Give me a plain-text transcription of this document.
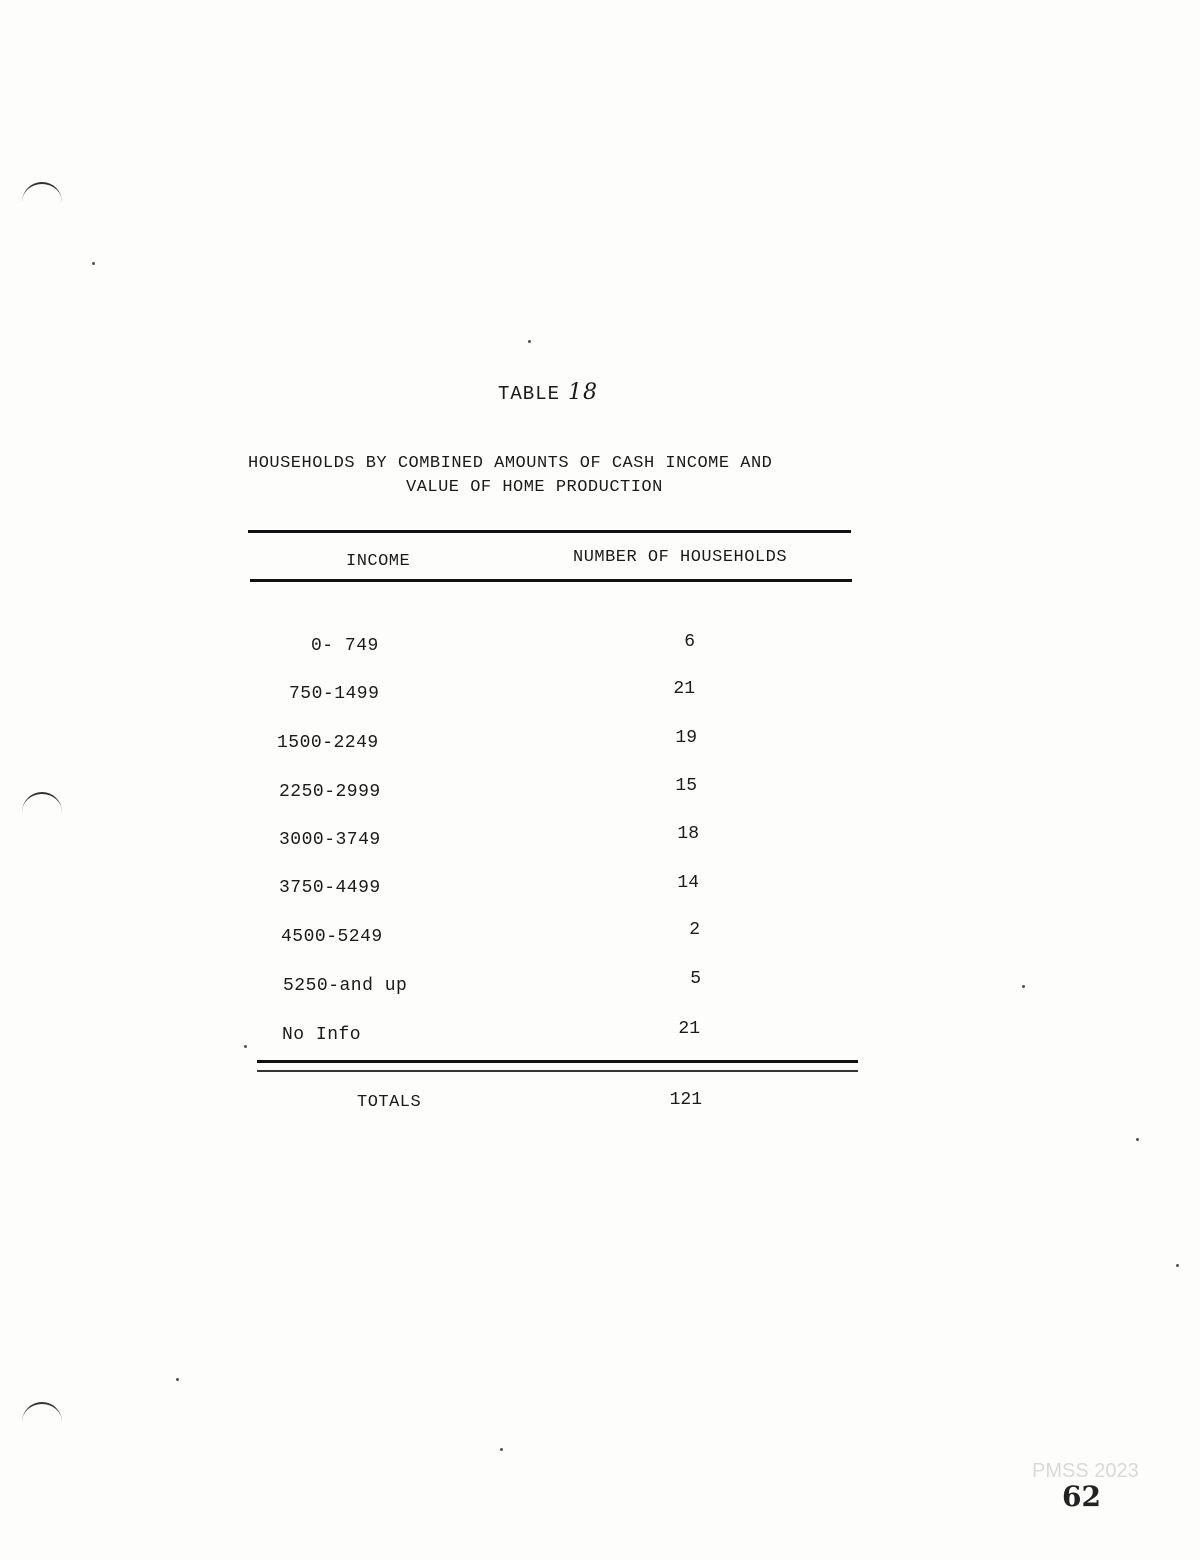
TABLE 18
HOUSEHOLDS BY COMBINED AMOUNTS OF CASH INCOME AND
VALUE OF HOME PRODUCTION
INCOME	NUMBER OF HOUSEHOLDS
0- 749	6
750-1499	21
1500-2249	19
2250-2999	15
3000-3749	18
3750-4499	14
4500-5249	2
5250-and up	5
No Info	21
TOTALS	121
PMSS 2023
62
